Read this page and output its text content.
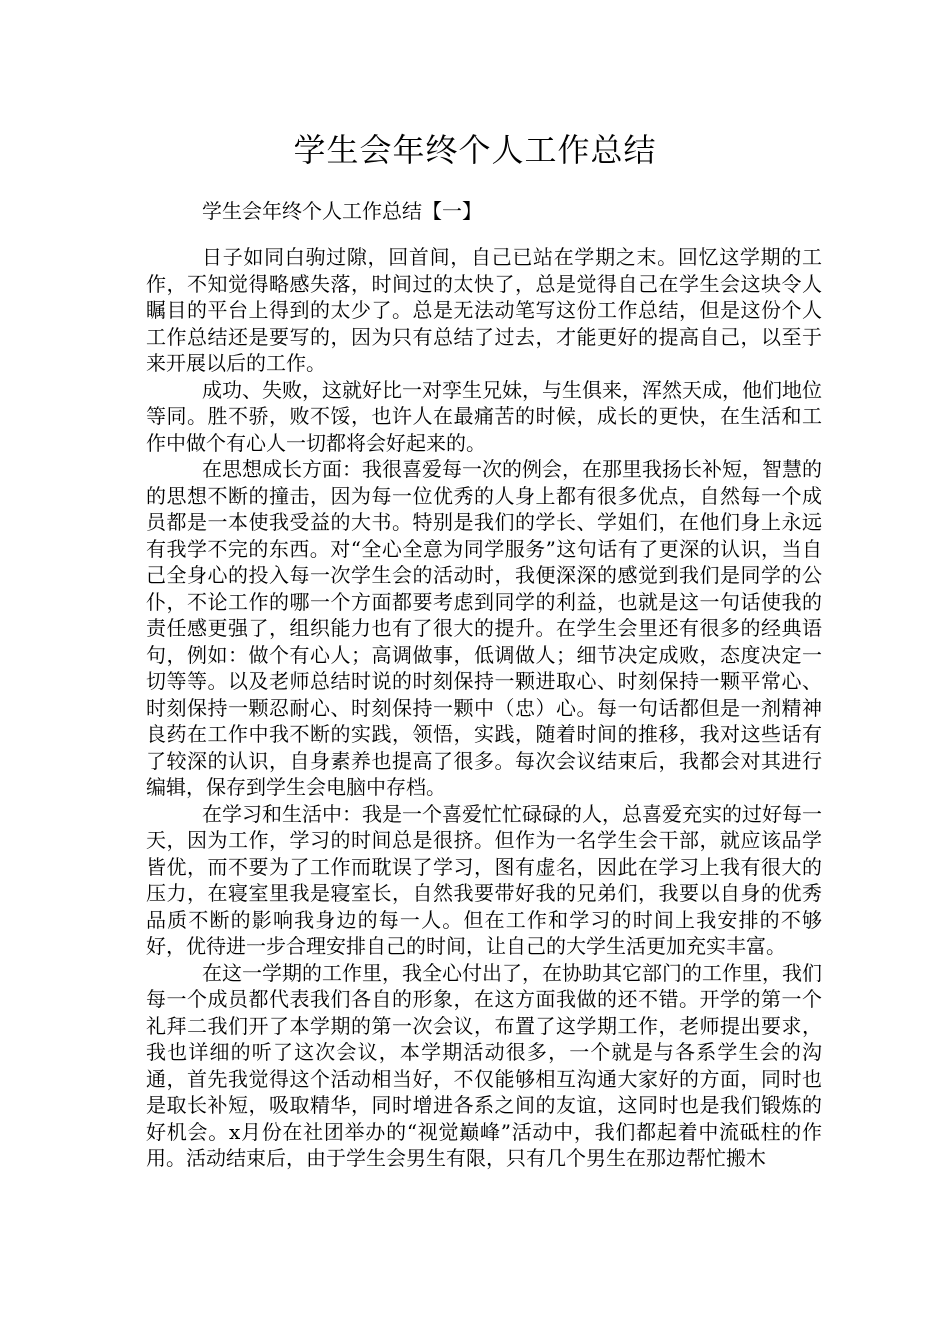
学生会年终个人工作总结
学生会年终个人工作总结【一】

日子如同白驹过隙，回首间，自己已站在学期之末。回忆这学期的工作，不知觉得略感失落，时间过的太快了，总是觉得自己在学生会这块令人瞩目的平台上得到的太少了。总是无法动笔写这份工作总结，但是这份个人工作总结还是要写的，因为只有总结了过去，才能更好的提高自己，以至于来开展以后的工作。

成功、失败，这就好比一对孪生兄妹，与生俱来，浑然天成，他们地位等同。胜不骄，败不馁，也许人在最痛苦的时候，成长的更快，在生活和工作中做个有心人一切都将会好起来的。

在思想成长方面：我很喜爱每一次的例会，在那里我扬长补短，智慧的的思想不断的撞击，因为每一位优秀的人身上都有很多优点，自然每一个成员都是一本使我受益的大书。特别是我们的学长、学姐们，在他们身上永远有我学不完的东西。对“全心全意为同学服务”这句话有了更深的认识，当自己全身心的投入每一次学生会的活动时，我便深深的感觉到我们是同学的公仆，不论工作的哪一个方面都要考虑到同学的利益，也就是这一句话使我的责任感更强了，组织能力也有了很大的提升。在学生会里还有很多的经典语句，例如：做个有心人；高调做事，低调做人；细节决定成败，态度决定一切等等。以及老师总结时说的时刻保持一颗进取心、时刻保持一颗平常心、时刻保持一颗忍耐心、时刻保持一颗中（忠）心。每一句话都但是一剂精神良药在工作中我不断的实践，领悟，实践，随着时间的推移，我对这些话有了较深的认识，自身素养也提高了很多。每次会议结束后，我都会对其进行编辑，保存到学生会电脑中存档。

在学习和生活中：我是一个喜爱忙忙碌碌的人，总喜爱充实的过好每一天，因为工作，学习的时间总是很挤。但作为一名学生会干部，就应该品学皆优，而不要为了工作而耽误了学习，图有虚名，因此在学习上我有很大的压力，在寝室里我是寝室长，自然我要带好我的兄弟们，我要以自身的优秀品质不断的影响我身边的每一人。但在工作和学习的时间上我安排的不够好，优待进一步合理安排自己的时间，让自己的大学生活更加充实丰富。

在这一学期的工作里，我全心付出了，在协助其它部门的工作里，我们每一个成员都代表我们各自的形象，在这方面我做的还不错。开学的第一个礼拜二我们开了本学期的第一次会议，布置了这学期工作，老师提出要求，我也详细的听了这次会议，本学期活动很多，一个就是与各系学生会的沟通，首先我觉得这个活动相当好，不仅能够相互沟通大家好的方面，同时也是取长补短，吸取精华，同时增进各系之间的友谊，这同时也是我们锻炼的好机会。x月份在社团举办的“视觉巅峰”活动中，我们都起着中流砥柱的作用。活动结束后，由于学生会男生有限，只有几个男生在那边帮忙搬木
